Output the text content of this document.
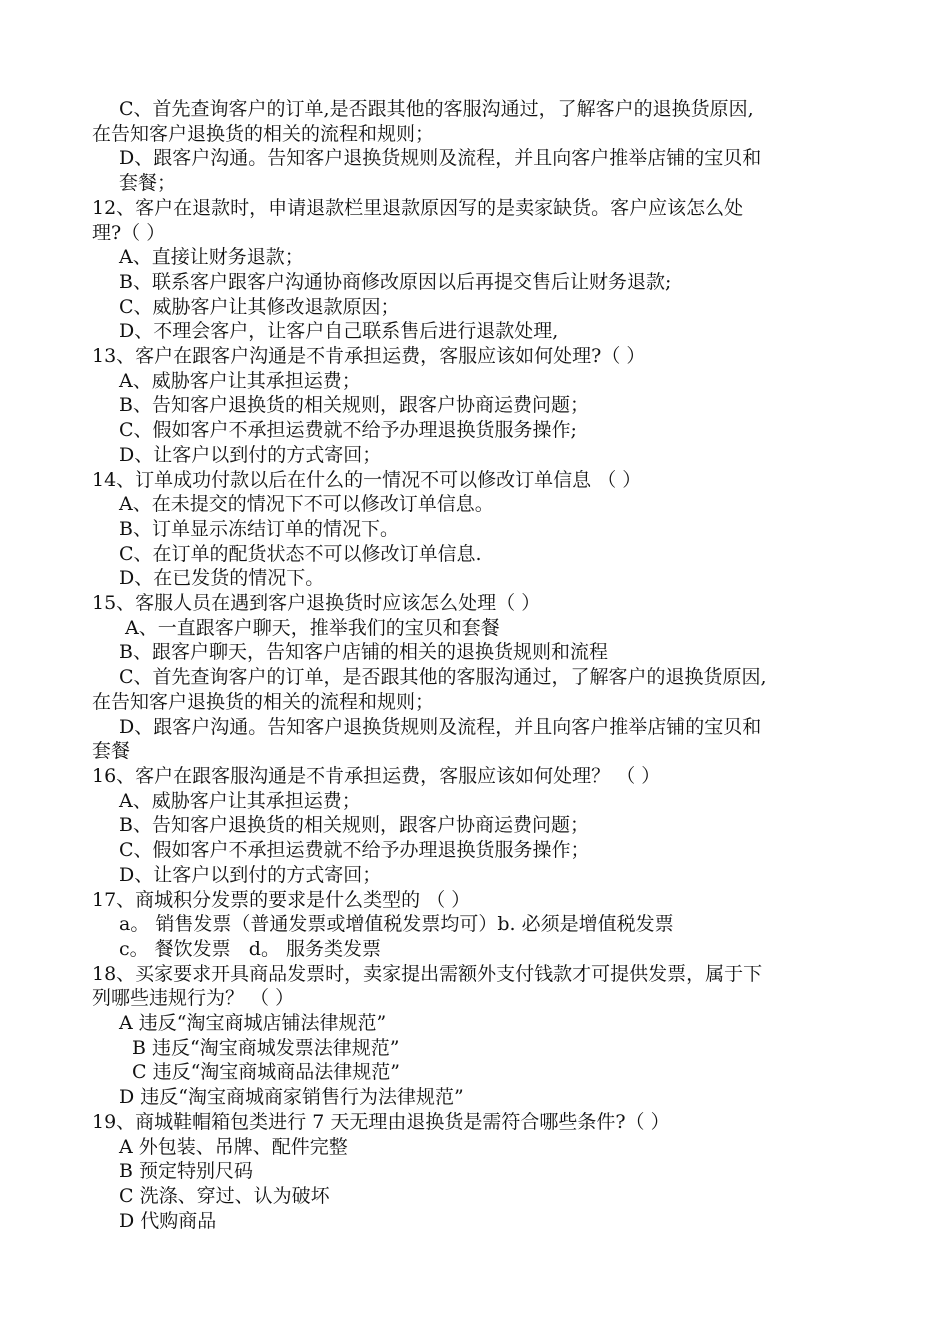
C、首先查询客户的订单,是否跟其他的客服沟通过，了解客户的退换货原因,
在告知客户退换货的相关的流程和规则；
D、跟客户沟通。告知客户退换货规则及流程，并且向客户推举店铺的宝贝和
套餐；
12、客户在退款时，申请退款栏里退款原因写的是卖家缺货。客户应该怎么处
理?（ ）
A、直接让财务退款；
B、联系客户跟客户沟通协商修改原因以后再提交售后让财务退款;
C、威胁客户让其修改退款原因；
D、不理会客户，让客户自己联系售后进行退款处理,
13、客户在跟客户沟通是不肯承担运费，客服应该如何处理?（ ）
A、威胁客户让其承担运费；
B、告知客户退换货的相关规则，跟客户协商运费问题；
C、假如客户不承担运费就不给予办理退换货服务操作;
D、让客户以到付的方式寄回；
14、订单成功付款以后在什么的一情况不可以修改订单信息 （ ）
A、在未提交的情况下不可以修改订单信息。
B、订单显示冻结订单的情况下。
C、在订单的配货状态不可以修改订单信息.
D、在已发货的情况下。
15、客服人员在遇到客户退换货时应该怎么处理（ ）
A、一直跟客户聊天，推举我们的宝贝和套餐
B、跟客户聊天，告知客户店铺的相关的退换货规则和流程
C、首先查询客户的订单，是否跟其他的客服沟通过，了解客户的退换货原因,
在告知客户退换货的相关的流程和规则；
D、跟客户沟通。告知客户退换货规则及流程，并且向客户推举店铺的宝贝和
套餐
16、客户在跟客服沟通是不肯承担运费，客服应该如何处理？ （ ）
A、威胁客户让其承担运费；
B、告知客户退换货的相关规则，跟客户协商运费问题；
C、假如客户不承担运费就不给予办理退换货服务操作；
D、让客户以到付的方式寄回；
17、商城积分发票的要求是什么类型的 （ ）
a。 销售发票（普通发票或增值税发票均可）b. 必须是增值税发票
c。 餐饮发票   d。 服务类发票
18、买家要求开具商品发票时，卖家提出需额外支付钱款才可提供发票，属于下
列哪些违规行为？ （ ）
A 违反“淘宝商城店铺法律规范”
B 违反“淘宝商城发票法律规范”
C 违反“淘宝商城商品法律规范”
D 违反“淘宝商城商家销售行为法律规范”
19、商城鞋帽箱包类进行 7 天无理由退换货是需符合哪些条件?（ ）
A 外包装、吊牌、配件完整
B 预定特别尺码
C 洗涤、穿过、认为破坏
D 代购商品
